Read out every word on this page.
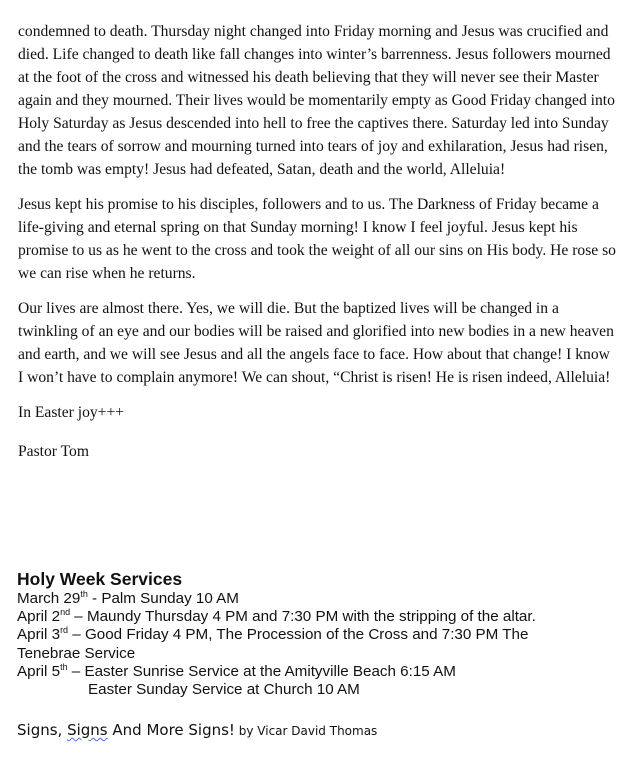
condemned to death. Thursday night changed into Friday morning and Jesus was crucified and died. Life changed to death like fall changes into winter’s barrenness. Jesus followers mourned at the foot of the cross and witnessed his death believing that they will never see their Master again and they mourned. Their lives would be momentarily empty as Good Friday changed into Holy Saturday as Jesus descended into hell to free the captives there. Saturday led into Sunday and the tears of sorrow and mourning turned into tears of joy and exhilaration, Jesus had risen, the tomb was empty! Jesus had defeated, Satan, death and the world, Alleluia!

Jesus kept his promise to his disciples, followers and to us. The Darkness of Friday became a life-giving and eternal spring on that Sunday morning! I know I feel joyful. Jesus kept his promise to us as he went to the cross and took the weight of all our sins on His body. He rose so we can rise when he returns.

Our lives are almost there. Yes, we will die. But the baptized lives will be changed in a twinkling of an eye and our bodies will be raised and glorified into new bodies in a new heaven and earth, and we will see Jesus and all the angels face to face. How about that change! I know I won’t have to complain anymore! We can shout, “Christ is risen! He is risen indeed, Alleluia!

In Easter joy+++

Pastor Tom

Holy Week Services

March 29th - Palm Sunday 10 AM

April 2nd – Maundy Thursday 4 PM and 7:30 PM with the stripping of the altar.

April 3rd – Good Friday 4 PM, The Procession of the Cross and 7:30 PM The

Tenebrae Service

April 5th – Easter Sunrise Service at the Amityville Beach 6:15 AM

Easter Sunday Service at Church 10 AM

Signs, Signs And More Signs! by Vicar David Thomas
